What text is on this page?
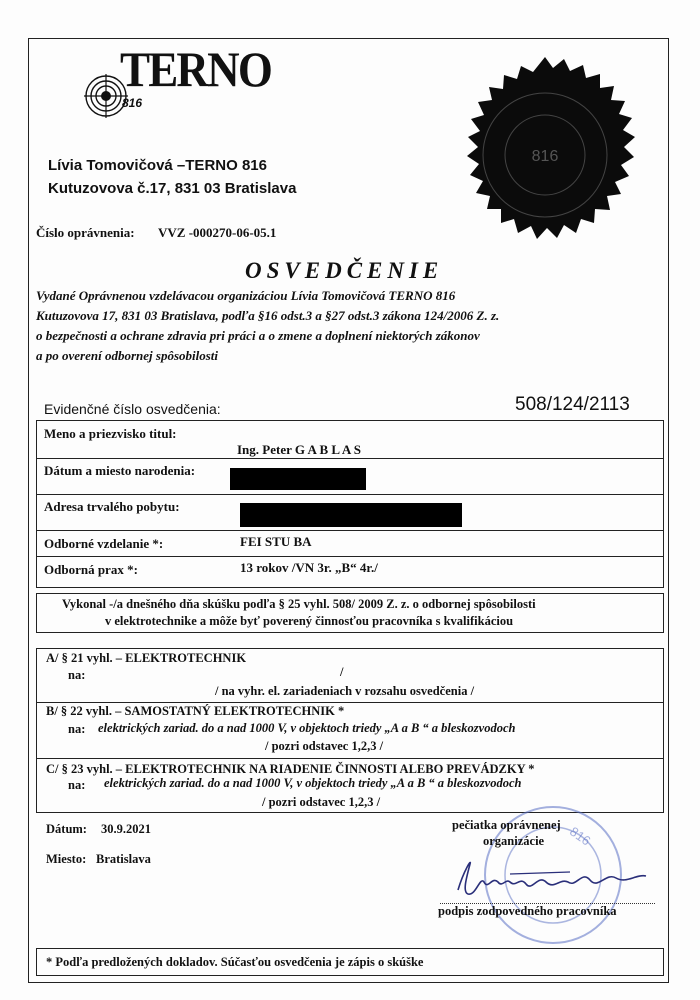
TERNO
816
816
Lívia Tomovičová –TERNO 816
Kutuzovova č.17, 831 03 Bratislava
Číslo oprávnenia: VVZ -000270-06-05.1
OSVEDČENIE
Vydané Oprávnenou vzdelávacou organizáciou Lívia Tomovičová TERNO 816
Kutuzovova 17, 831 03 Bratislava, podľa §16 odst.3 a §27 odst.3 zákona 124/2006 Z. z.
o bezpečnosti a ochrane zdravia pri práci a o zmene a doplnení niektorých zákonov
a po overení odbornej spôsobilosti
Evidenčné číslo osvedčenia:	508/124/2113
Meno a priezvisko titul:
Ing. Peter G A B L A S
Dátum a miesto narodenia:
Adresa trvalého pobytu:
Odborné vzdelanie *:	FEI STU BA
Odborná prax *:	13 rokov /VN 3r. „B“ 4r./
Vykonal -/a dnešného dňa skúšku podľa § 25 vyhl. 508/ 2009 Z. z. o odbornej spôsobilosti
v elektrotechnike a môže byť poverený činnosťou pracovníka s kvalifikáciou
A/ § 21 vyhl. – ELEKTROTECHNIK
na:	/
/ na vyhr. el. zariadeniach v rozsahu osvedčenia /
B/ § 22 vyhl. – SAMOSTATNÝ ELEKTROTECHNIK *
na: elektrických zariad. do a nad 1000 V, v objektoch triedy „A a B “ a bleskozvodoch
/ pozri odstavec 1,2,3 /
C/ § 23 vyhl. – ELEKTROTECHNIK NA RIADENIE ČINNOSTI ALEBO PREVÁDZKY *
na: elektrických zariad. do a nad 1000 V, v objektoch triedy „A a B “ a bleskozvodoch
/ pozri odstavec 1,2,3 /
Dátum: 30.9.2021
Miesto: Bratislava
816
pečiatka oprávnenej
organizácie
podpis zodpovedného pracovníka
* Podľa predložených dokladov. Súčasťou osvedčenia je zápis o skúške
